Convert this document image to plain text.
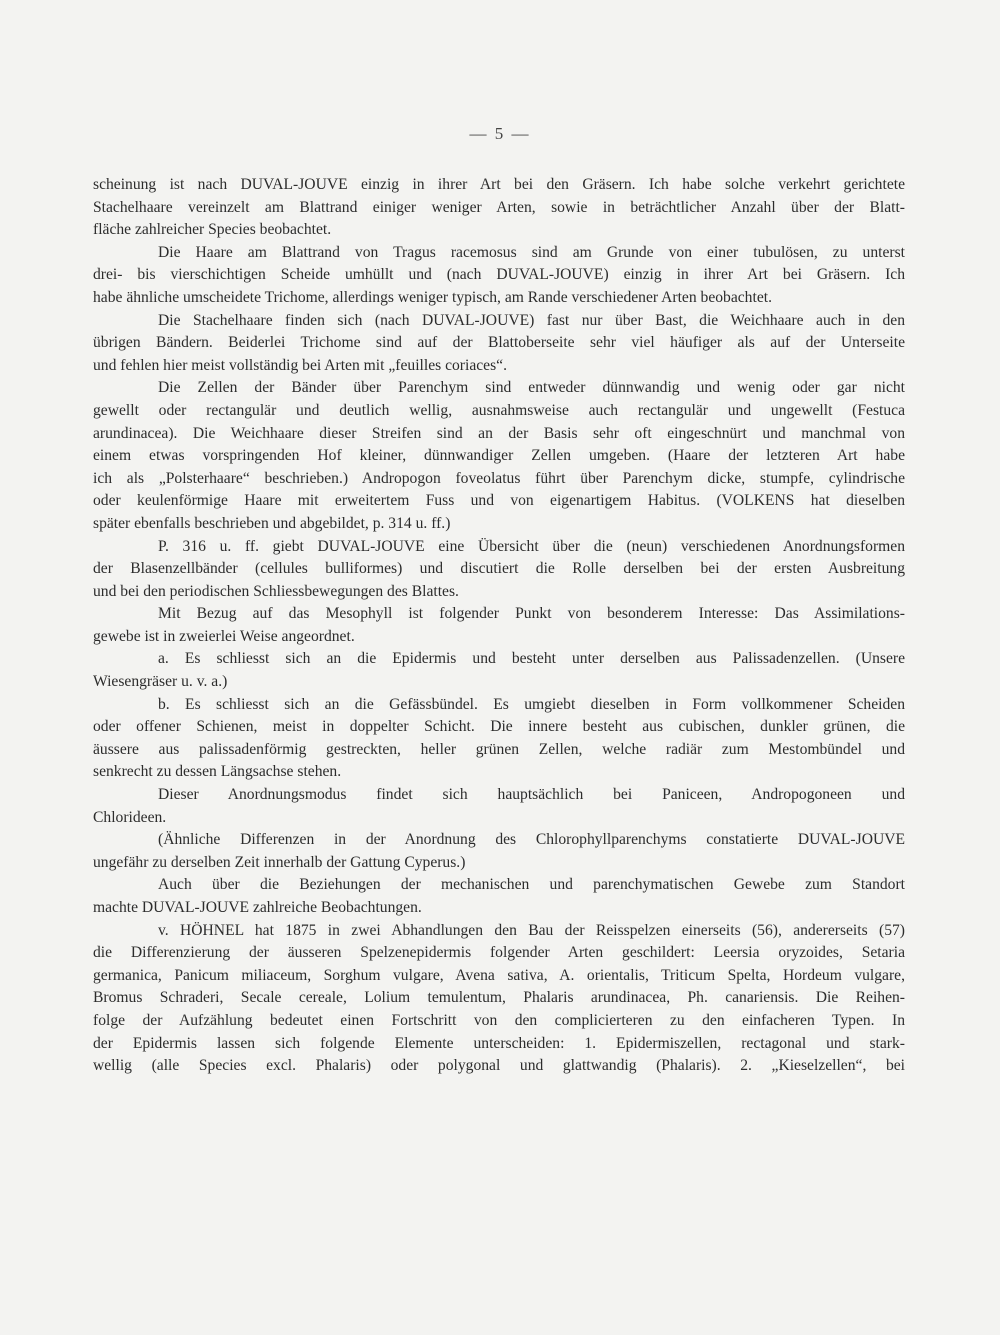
— 5 —
scheinung ist nach DUVAL-JOUVE einzig in ihrer Art bei den Gräsern. Ich habe solche verkehrt gerichtete
Stachelhaare vereinzelt am Blattrand einiger weniger Arten, sowie in beträchtlicher Anzahl über der Blatt-
fläche zahlreicher Species beobachtet.
Die Haare am Blattrand von Tragus racemosus sind am Grunde von einer tubulösen, zu unterst
drei- bis vierschichtigen Scheide umhüllt und (nach DUVAL-JOUVE) einzig in ihrer Art bei Gräsern. Ich
habe ähnliche umscheidete Trichome, allerdings weniger typisch, am Rande verschiedener Arten beobachtet.
Die Stachelhaare finden sich (nach DUVAL-JOUVE) fast nur über Bast, die Weichhaare auch in den
übrigen Bändern. Beiderlei Trichome sind auf der Blattoberseite sehr viel häufiger als auf der Unterseite
und fehlen hier meist vollständig bei Arten mit „feuilles coriaces“.
Die Zellen der Bänder über Parenchym sind entweder dünnwandig und wenig oder gar nicht
gewellt oder rectangulär und deutlich wellig, ausnahmsweise auch rectangulär und ungewellt (Festuca
arundinacea). Die Weichhaare dieser Streifen sind an der Basis sehr oft eingeschnürt und manchmal von
einem etwas vorspringenden Hof kleiner, dünnwandiger Zellen umgeben. (Haare der letzteren Art habe
ich als „Polsterhaare“ beschrieben.) Andropogon foveolatus führt über Parenchym dicke, stumpfe, cylindrische
oder keulenförmige Haare mit erweitertem Fuss und von eigenartigem Habitus. (VOLKENS hat dieselben
später ebenfalls beschrieben und abgebildet, p. 314 u. ff.)
P. 316 u. ff. giebt DUVAL-JOUVE eine Übersicht über die (neun) verschiedenen Anordnungsformen
der Blasenzellbänder (cellules bulliformes) und discutiert die Rolle derselben bei der ersten Ausbreitung
und bei den periodischen Schliessbewegungen des Blattes.
Mit Bezug auf das Mesophyll ist folgender Punkt von besonderem Interesse: Das Assimilations-
gewebe ist in zweierlei Weise angeordnet.
a. Es schliesst sich an die Epidermis und besteht unter derselben aus Palissadenzellen. (Unsere
Wiesengräser u. v. a.)
b. Es schliesst sich an die Gefässbündel. Es umgiebt dieselben in Form vollkommener Scheiden
oder offener Schienen, meist in doppelter Schicht. Die innere besteht aus cubischen, dunkler grünen, die
äussere aus palissadenförmig gestreckten, heller grünen Zellen, welche radiär zum Mestombündel und
senkrecht zu dessen Längsachse stehen.
Dieser Anordnungsmodus findet sich hauptsächlich bei Paniceen, Andropogoneen und
Chlorideen.
(Ähnliche Differenzen in der Anordnung des Chlorophyllparenchyms constatierte DUVAL-JOUVE
ungefähr zu derselben Zeit innerhalb der Gattung Cyperus.)
Auch über die Beziehungen der mechanischen und parenchymatischen Gewebe zum Standort
machte DUVAL-JOUVE zahlreiche Beobachtungen.
v. HÖHNEL hat 1875 in zwei Abhandlungen den Bau der Reisspelzen einerseits (56), andererseits (57)
die Differenzierung der äusseren Spelzenepidermis folgender Arten geschildert: Leersia oryzoides, Setaria
germanica, Panicum miliaceum, Sorghum vulgare, Avena sativa, A. orientalis, Triticum Spelta, Hordeum vulgare,
Bromus Schraderi, Secale cereale, Lolium temulentum, Phalaris arundinacea, Ph. canariensis. Die Reihen-
folge der Aufzählung bedeutet einen Fortschritt von den complicierteren zu den einfacheren Typen. In
der Epidermis lassen sich folgende Elemente unterscheiden: 1. Epidermiszellen, rectagonal und stark-
wellig (alle Species excl. Phalaris) oder polygonal und glattwandig (Phalaris). 2. „Kieselzellen“, bei
